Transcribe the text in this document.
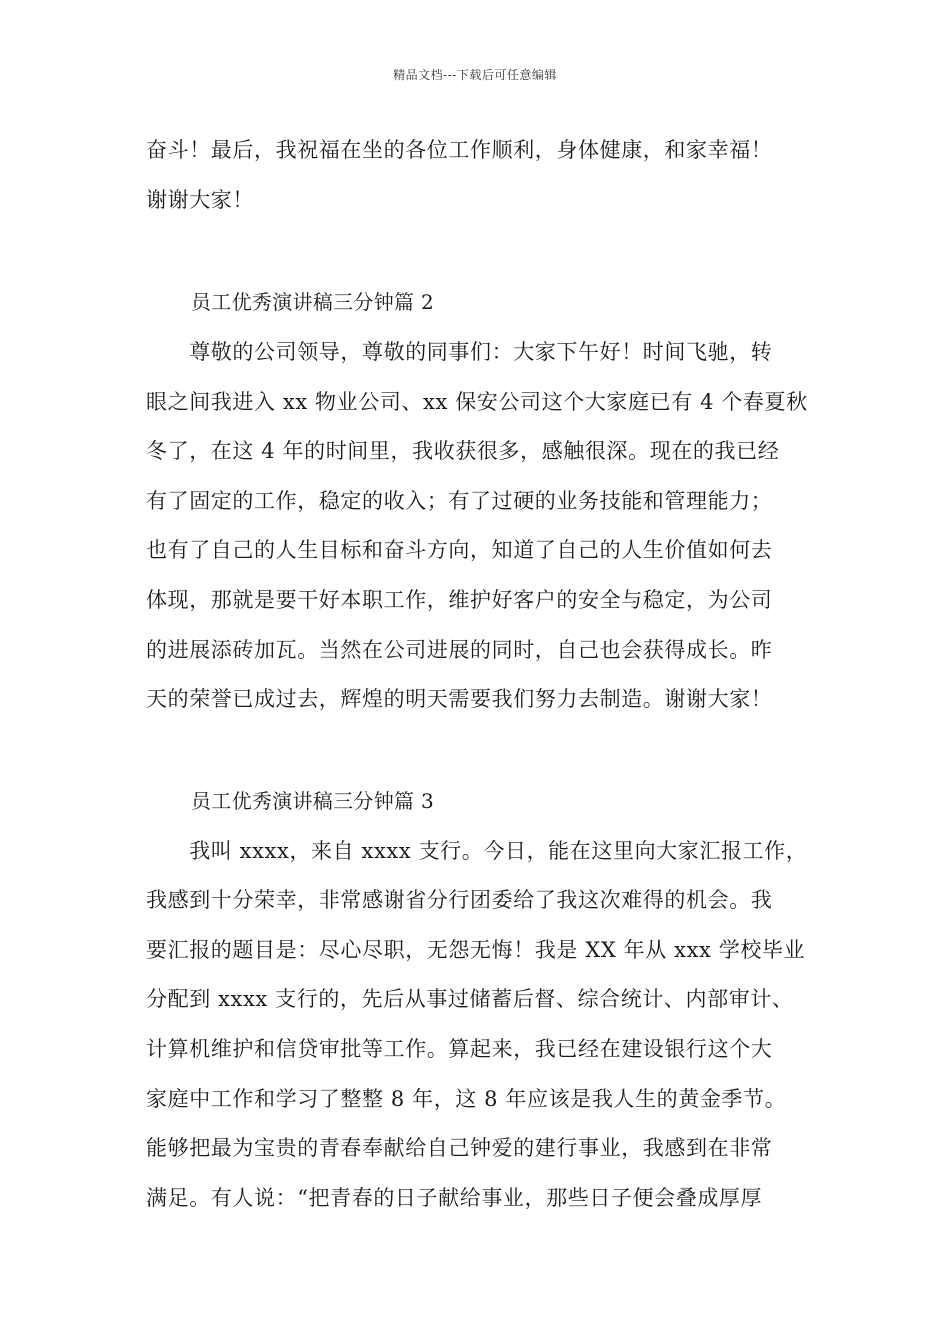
精品文档---下载后可任意编辑
奋斗！最后，我祝福在坐的各位工作顺利，身体健康，和家幸福！
谢谢大家！
员工优秀演讲稿三分钟篇 2
　　尊敬的公司领导，尊敬的同事们：大家下午好！时间飞驰，转
眼之间我进入 xx 物业公司、xx 保安公司这个大家庭已有 4 个春夏秋
冬了，在这 4 年的时间里，我收获很多，感触很深。现在的我已经
有了固定的工作，稳定的收入；有了过硬的业务技能和管理能力；
也有了自己的人生目标和奋斗方向，知道了自己的人生价值如何去
体现，那就是要干好本职工作，维护好客户的安全与稳定，为公司
的进展添砖加瓦。当然在公司进展的同时，自己也会获得成长。昨
天的荣誉已成过去，辉煌的明天需要我们努力去制造。谢谢大家！
员工优秀演讲稿三分钟篇 3
　　我叫 xxxx，来自 xxxx 支行。今日，能在这里向大家汇报工作，
我感到十分荣幸，非常感谢省分行团委给了我这次难得的机会。我
要汇报的题目是：尽心尽职，无怨无悔！我是 XX 年从 xxx 学校毕业
分配到 xxxx 支行的，先后从事过储蓄后督、综合统计、内部审计、
计算机维护和信贷审批等工作。算起来，我已经在建设银行这个大
家庭中工作和学习了整整 8 年，这 8 年应该是我人生的黄金季节。
能够把最为宝贵的青春奉献给自己钟爱的建行事业，我感到在非常
满足。有人说：“把青春的日子献给事业，那些日子便会叠成厚厚
